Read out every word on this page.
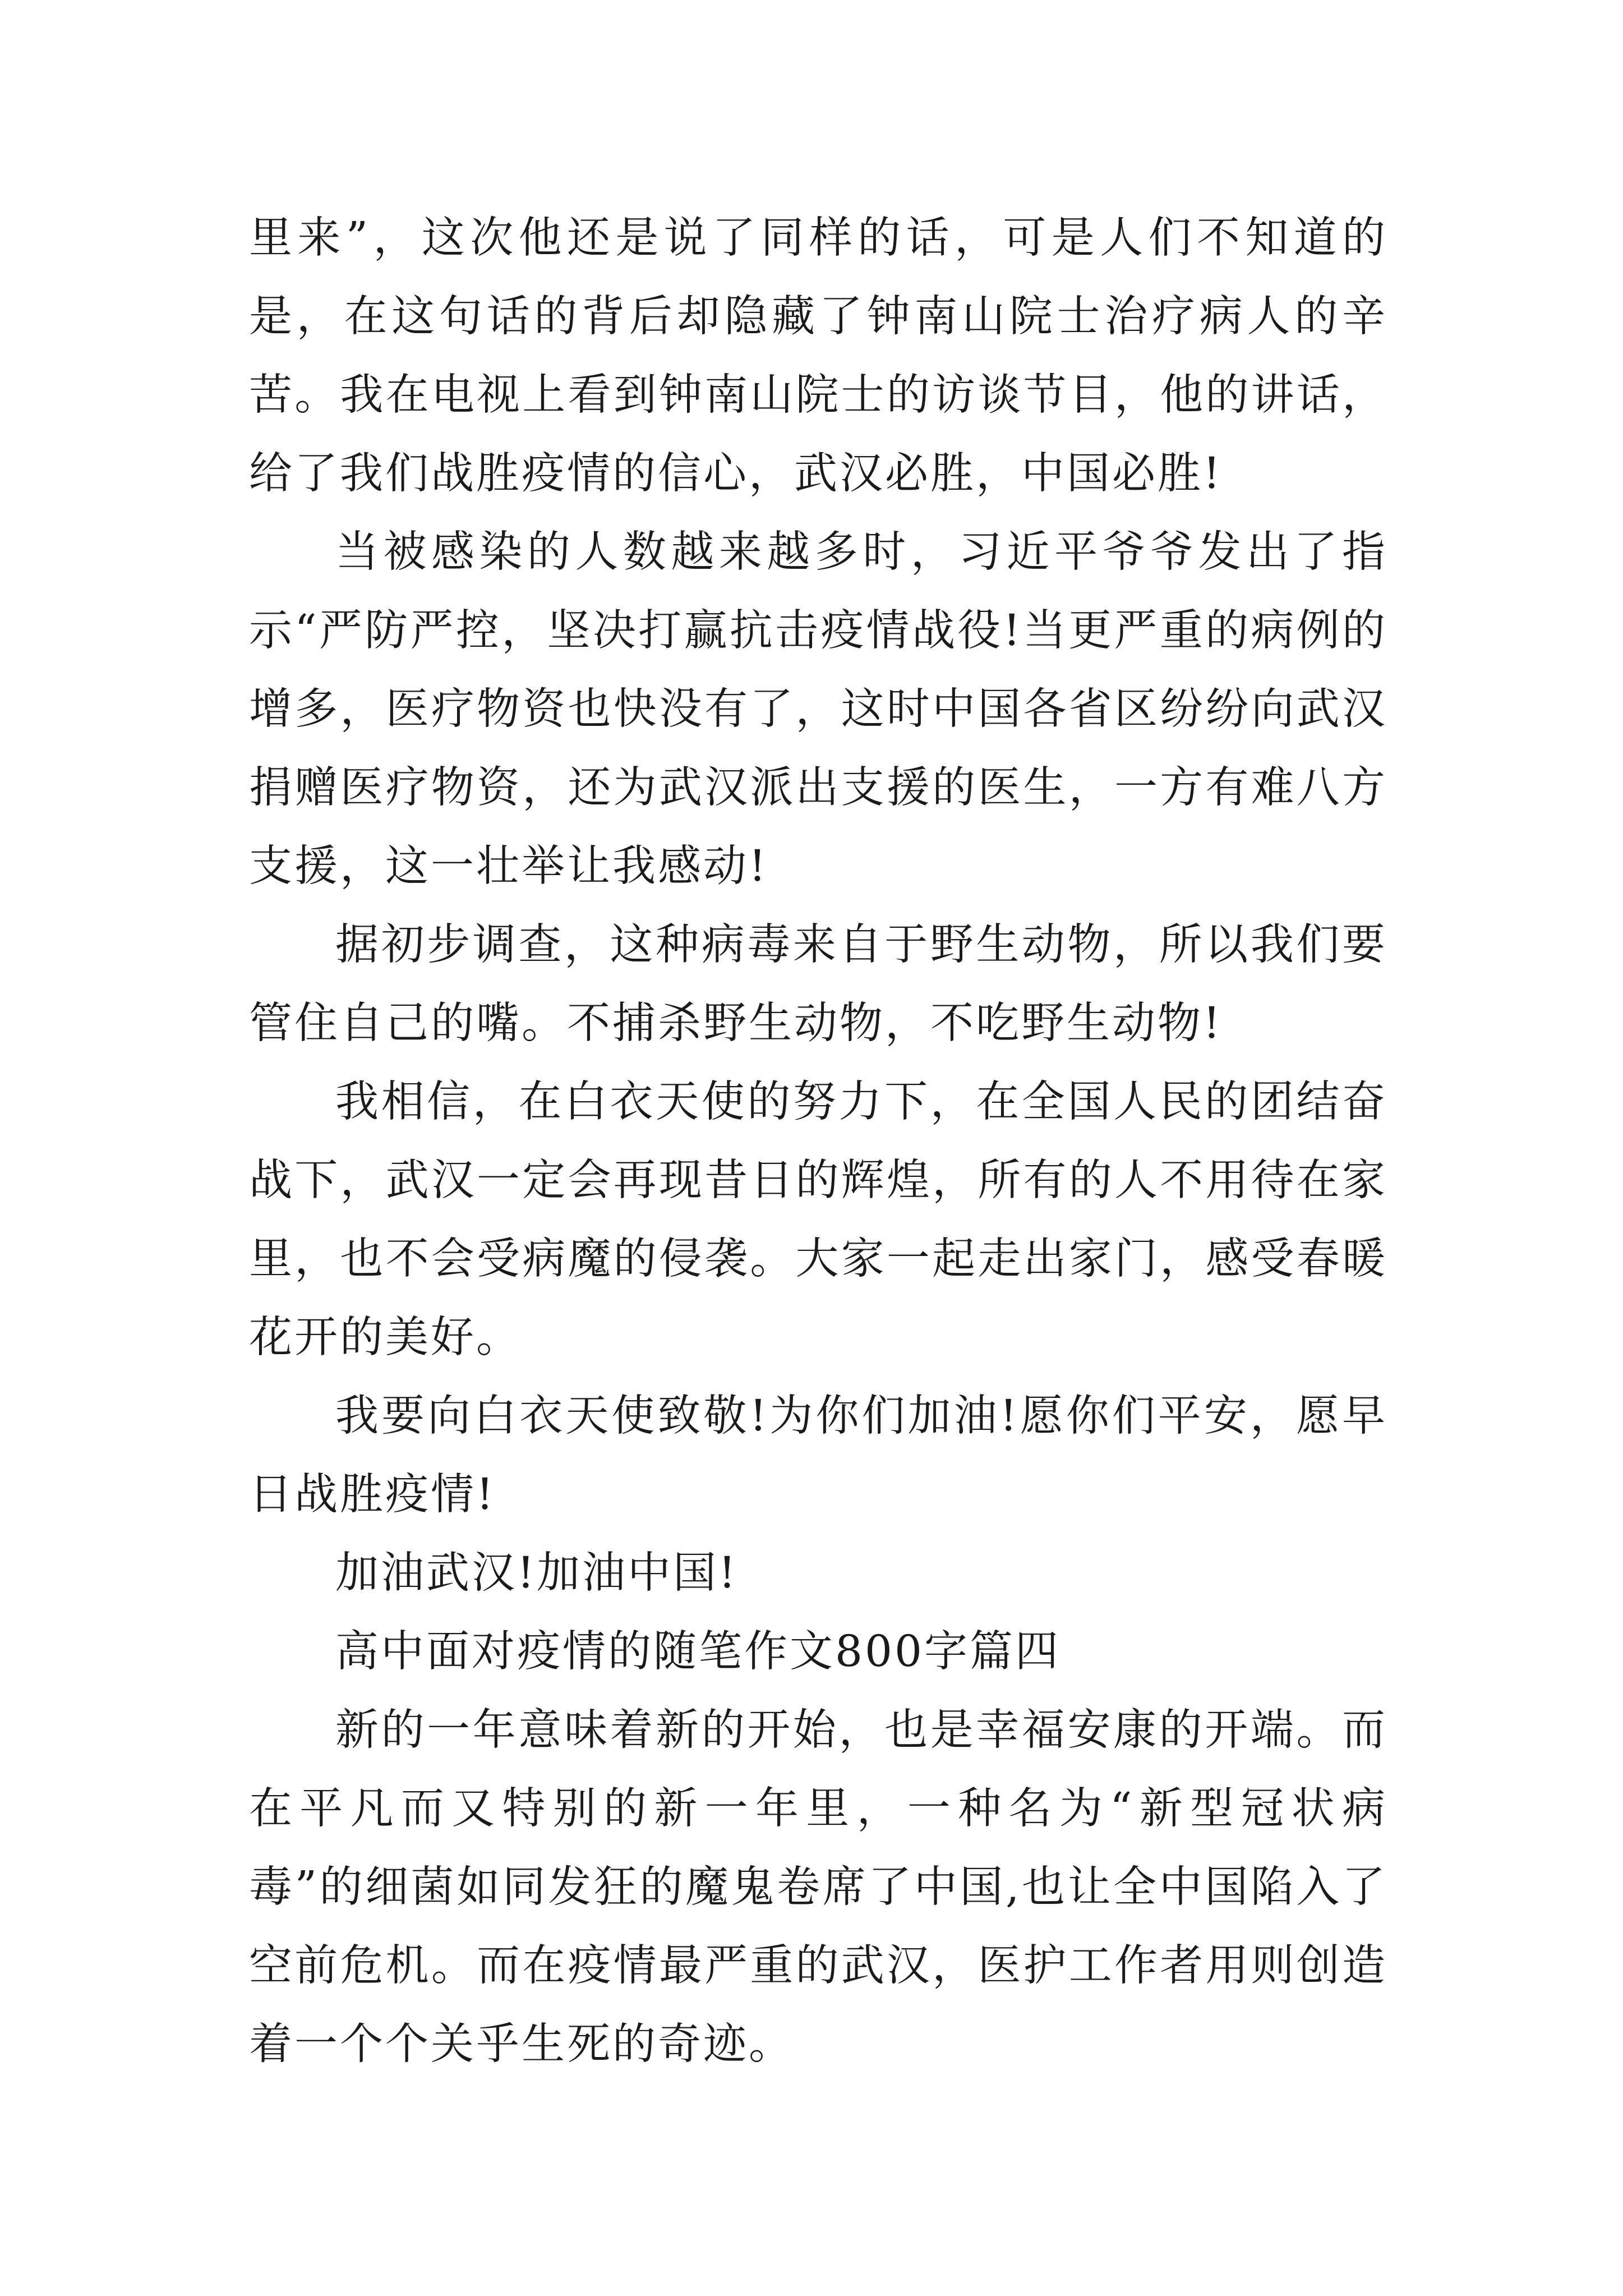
里来”，这次他还是说了同样的话，可是人们不知道的是，在这句话的背后却隐藏了钟南山院士治疗病人的辛苦。我在电视上看到钟南山院士的访谈节目，他的讲话，给了我们战胜疫情的信心，武汉必胜，中国必胜!

当被感染的人数越来越多时，习近平爷爷发出了指示“严防严控，坚决打赢抗击疫情战役!当更严重的病例的增多，医疗物资也快没有了，这时中国各省区纷纷向武汉捐赠医疗物资，还为武汉派出支援的医生，一方有难八方支援，这一壮举让我感动!

据初步调查，这种病毒来自于野生动物，所以我们要管住自己的嘴。不捕杀野生动物，不吃野生动物!

我相信，在白衣天使的努力下，在全国人民的团结奋战下，武汉一定会再现昔日的辉煌，所有的人不用待在家里，也不会受病魔的侵袭。大家一起走出家门，感受春暖花开的美好。

我要向白衣天使致敬!为你们加油!愿你们平安，愿早日战胜疫情!

加油武汉!加油中国!

高中面对疫情的随笔作文800字篇四

新的一年意味着新的开始，也是幸福安康的开端。而在平凡而又特别的新一年里，一种名为“新型冠状病毒”的细菌如同发狂的魔鬼卷席了中国,也让全中国陷入了空前危机。而在疫情最严重的武汉，医护工作者用则创造着一个个关乎生死的奇迹。
